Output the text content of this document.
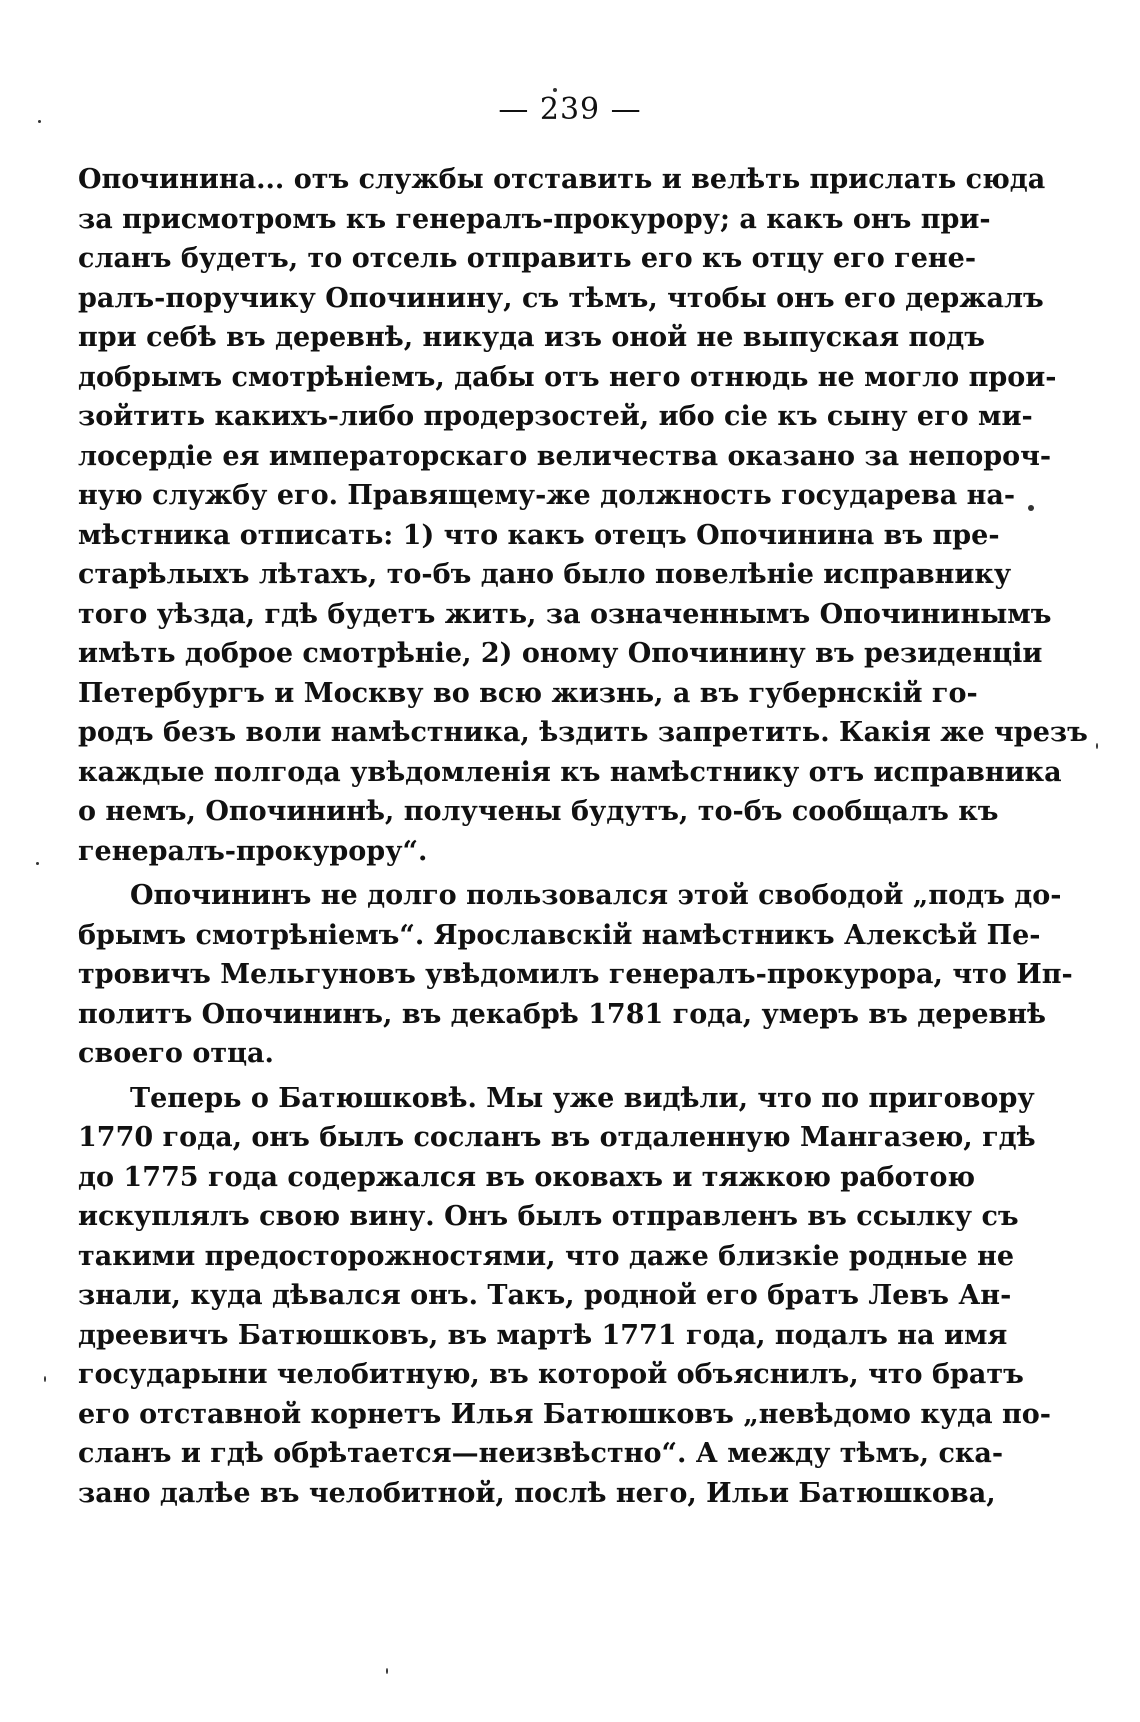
— 239 —
Опочинина... отъ службы отставить и велѣть прислать сюда
за присмотромъ къ генералъ-прокурору; а какъ онъ при-
сланъ будетъ, то отсель отправить его къ отцу его гене-
ралъ-поручику Опочинину, съ тѣмъ, чтобы онъ его держалъ
при себѣ въ деревнѣ, никуда изъ оной не выпуская подъ
добрымъ смотрѣніемъ, дабы отъ него отнюдь не могло прои-
зойтить какихъ-либо продерзостей, ибо сіе къ сыну его ми-
лосердіе ея императорскаго величества оказано за непороч-
ную службу его. Правящему-же должность государева на-
мѣстника отписать: 1) что какъ отецъ Опочинина въ пре-
старѣлыхъ лѣтахъ, то-бъ дано было повелѣніе исправнику
того уѣзда, гдѣ будетъ жить, за означеннымъ Опочининымъ
имѣть доброе смотрѣніе, 2) оному Опочинину въ резиденціи
Петербургъ и Москву во всю жизнь, а въ губернскій го-
родъ безъ воли намѣстника, ѣздить запретить. Какія же чрезъ
каждые полгода увѣдомленія къ намѣстнику отъ исправника
о немъ, Опочининѣ, получены будутъ, то-бъ сообщалъ къ
генералъ-прокурору“.
Опочининъ не долго пользовался этой свободой „подъ до-
брымъ смотрѣніемъ“. Ярославскій намѣстникъ Алексѣй Пе-
тровичъ Мельгуновъ увѣдомилъ генералъ-прокурора, что Ип-
политъ Опочининъ, въ декабрѣ 1781 года, умеръ въ деревнѣ
своего отца.
Теперь о Батюшковѣ. Мы уже видѣли, что по приговору
1770 года, онъ былъ сосланъ въ отдаленную Мангазею, гдѣ
до 1775 года содержался въ оковахъ и тяжкою работою
искуплялъ свою вину. Онъ былъ отправленъ въ ссылку съ
такими предосторожностями, что даже близкіе родные не
знали, куда дѣвался онъ. Такъ, родной его братъ Левъ Ан-
дреевичъ Батюшковъ, въ мартѣ 1771 года, подалъ на имя
государыни челобитную, въ которой объяснилъ, что братъ
его отставной корнетъ Илья Батюшковъ „невѣдомо куда по-
сланъ и гдѣ обрѣтается—неизвѣстно“. А между тѣмъ, ска-
зано далѣе въ челобитной, послѣ него, Ильи Батюшкова,
